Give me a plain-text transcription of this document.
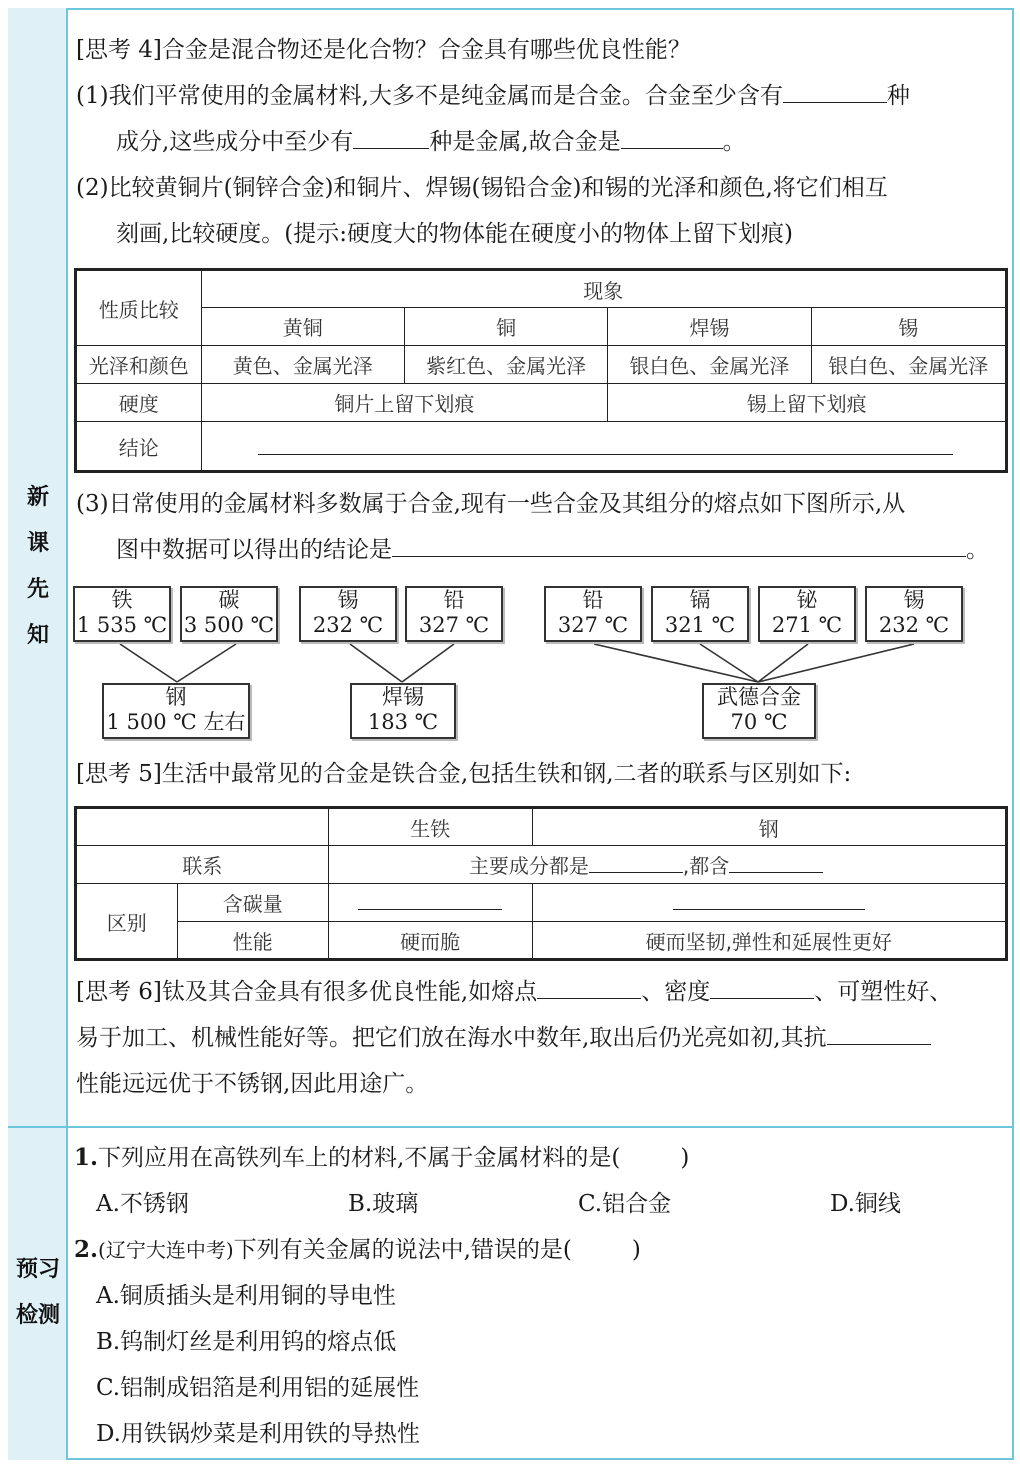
新
课
先
知
预习
检测
[思考 4]合金是混合物还是化合物？合金具有哪些优良性能？
(1)我们平常使用的金属材料,大多不是纯金属而是合金。合金至少含有	种
成分,这些成分中至少有	种是金属,故合金是	。
(2)比较黄铜片(铜锌合金)和铜片、焊锡(锡铅合金)和锡的光泽和颜色,将它们相互
刻画,比较硬度。(提示:硬度大的物体能在硬度小的物体上留下划痕)
性质比较	现象			
	黄铜	铜	焊锡	锡
光泽和颜色	黄色、金属光泽	紫红色、金属光泽	银白色、金属光泽	银白色、金属光泽
硬度	铜片上留下划痕		锡上留下划痕	
结论				
(3)日常使用的金属材料多数属于合金,现有一些合金及其组分的熔点如下图所示,从
图中数据可以得出的结论是	。
铁
1 535 ℃
碳
3 500 ℃
锡
232 ℃
铅
327 ℃
铅
327 ℃
镉
321 ℃
铋
271 ℃
锡
232 ℃
钢
1 500 ℃ 左右
焊锡
183 ℃
武德合金
70 ℃
[思考 5]生活中最常见的合金是铁合金,包括生铁和钢,二者的联系与区别如下:
		生铁	钢
联系		主要成分都是 ,都含	
区别	含碳量		
	性能	硬而脆	硬而坚韧,弹性和延展性更好
[思考 6]钛及其合金具有很多优良性能,如熔点	、密度	、可塑性好、
易于加工、机械性能好等。把它们放在海水中数年,取出后仍光亮如初,其抗
性能远远优于不锈钢,因此用途广。
1.下列应用在高铁列车上的材料,不属于金属材料的是(	)
A.不锈钢	B.玻璃	C.铝合金	D.铜线
2.(辽宁大连中考)下列有关金属的说法中,错误的是(	)
A.铜质插头是利用铜的导电性
B.钨制灯丝是利用钨的熔点低
C.铝制成铝箔是利用铝的延展性
D.用铁锅炒菜是利用铁的导热性
